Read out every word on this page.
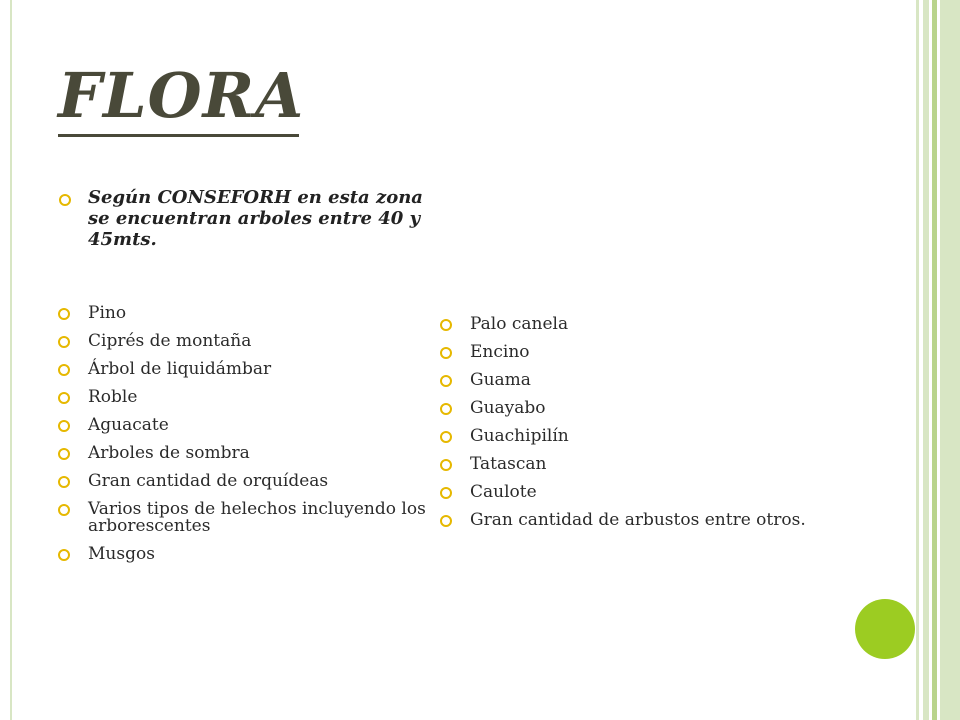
FLORA

Según CONSEFORH en esta zona se encuentran arboles entre 40 y 45mts.

Pino
Ciprés de montaña
Árbol de liquidámbar
Roble
Aguacate
Arboles de sombra
Gran cantidad de orquídeas
Varios tipos de helechos incluyendo los arborescentes
Musgos
Palo canela
Encino
Guama
Guayabo
Guachipilín
Tatascan
Caulote
Gran cantidad de arbustos entre otros.
